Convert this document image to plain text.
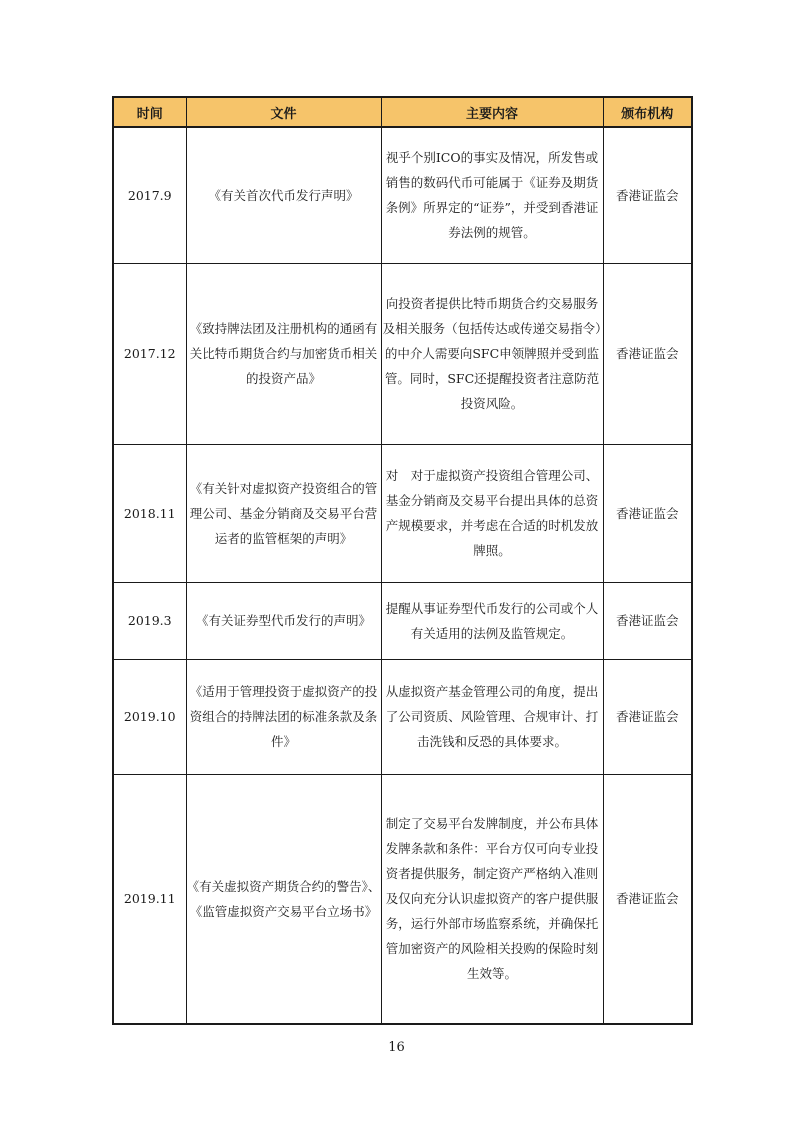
时间	文件	主要内容	颁布机构
2017.9	《有关首次代币发行声明》	视乎个别ICO的事实及情况，所发售或销售的数码代币可能属于《证券及期货条例》所界定的“证券”，并受到香港证券法例的规管。	香港证监会
2017.12	《致持牌法团及注册机构的通函有关比特币期货合约与加密货币相关的投资产品》	向投资者提供比特币期货合约交易服务及相关服务（包括传达或传递交易指令）的中介人需要向SFC申领牌照并受到监管。同时，SFC还提醒投资者注意防范投资风险。	香港证监会
2018.11	《有关针对虚拟资产投资组合的管理公司、基金分销商及交易平台营运者的监管框架的声明》	对　对于虚拟资产投资组合管理公司、基金分销商及交易平台提出具体的总资产规模要求，并考虑在合适的时机发放牌照。	香港证监会
2019.3	《有关证券型代币发行的声明》	提醒从事证券型代币发行的公司或个人有关适用的法例及监管规定。	香港证监会
2019.10	《适用于管理投资于虚拟资产的投资组合的持牌法团的标准条款及条件》	从虚拟资产基金管理公司的角度，提出了公司资质、风险管理、合规审计、打击洗钱和反恐的具体要求。	香港证监会
2019.11	《有关虚拟资产期货合约的警告》、《监管虚拟资产交易平台立场书》	制定了交易平台发牌制度，并公布具体发牌条款和条件：平台方仅可向专业投资者提供服务，制定资产严格纳入准则及仅向充分认识虚拟资产的客户提供服务，运行外部市场监察系统，并确保托管加密资产的风险相关投购的保险时刻生效等。	香港证监会
16
